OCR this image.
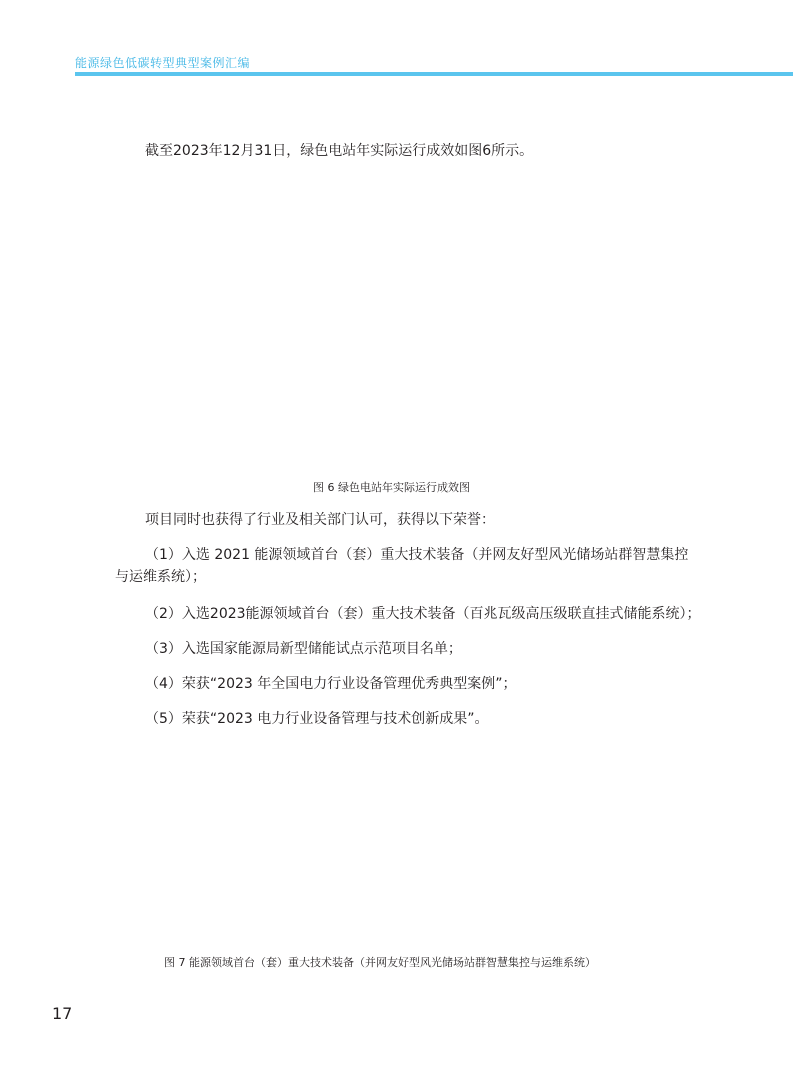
能源绿色低碳转型典型案例汇编
截至2023年12月31日，绿色电站年实际运行成效如图6所示。
图 6 绿色电站年实际运行成效图
项目同时也获得了行业及相关部门认可，获得以下荣誉：
（1）入选 2021 能源领域首台（套）重大技术装备（并网友好型风光储场站群智慧集控与运维系统）；
（2）入选2023能源领域首台（套）重大技术装备（百兆瓦级高压级联直挂式储能系统）；
（3）入选国家能源局新型储能试点示范项目名单；
（4）荣获“2023 年全国电力行业设备管理优秀典型案例”；
（5）荣获“2023 电力行业设备管理与技术创新成果”。
图 7 能源领域首台（套）重大技术装备（并网友好型风光储场站群智慧集控与运维系统）
17
